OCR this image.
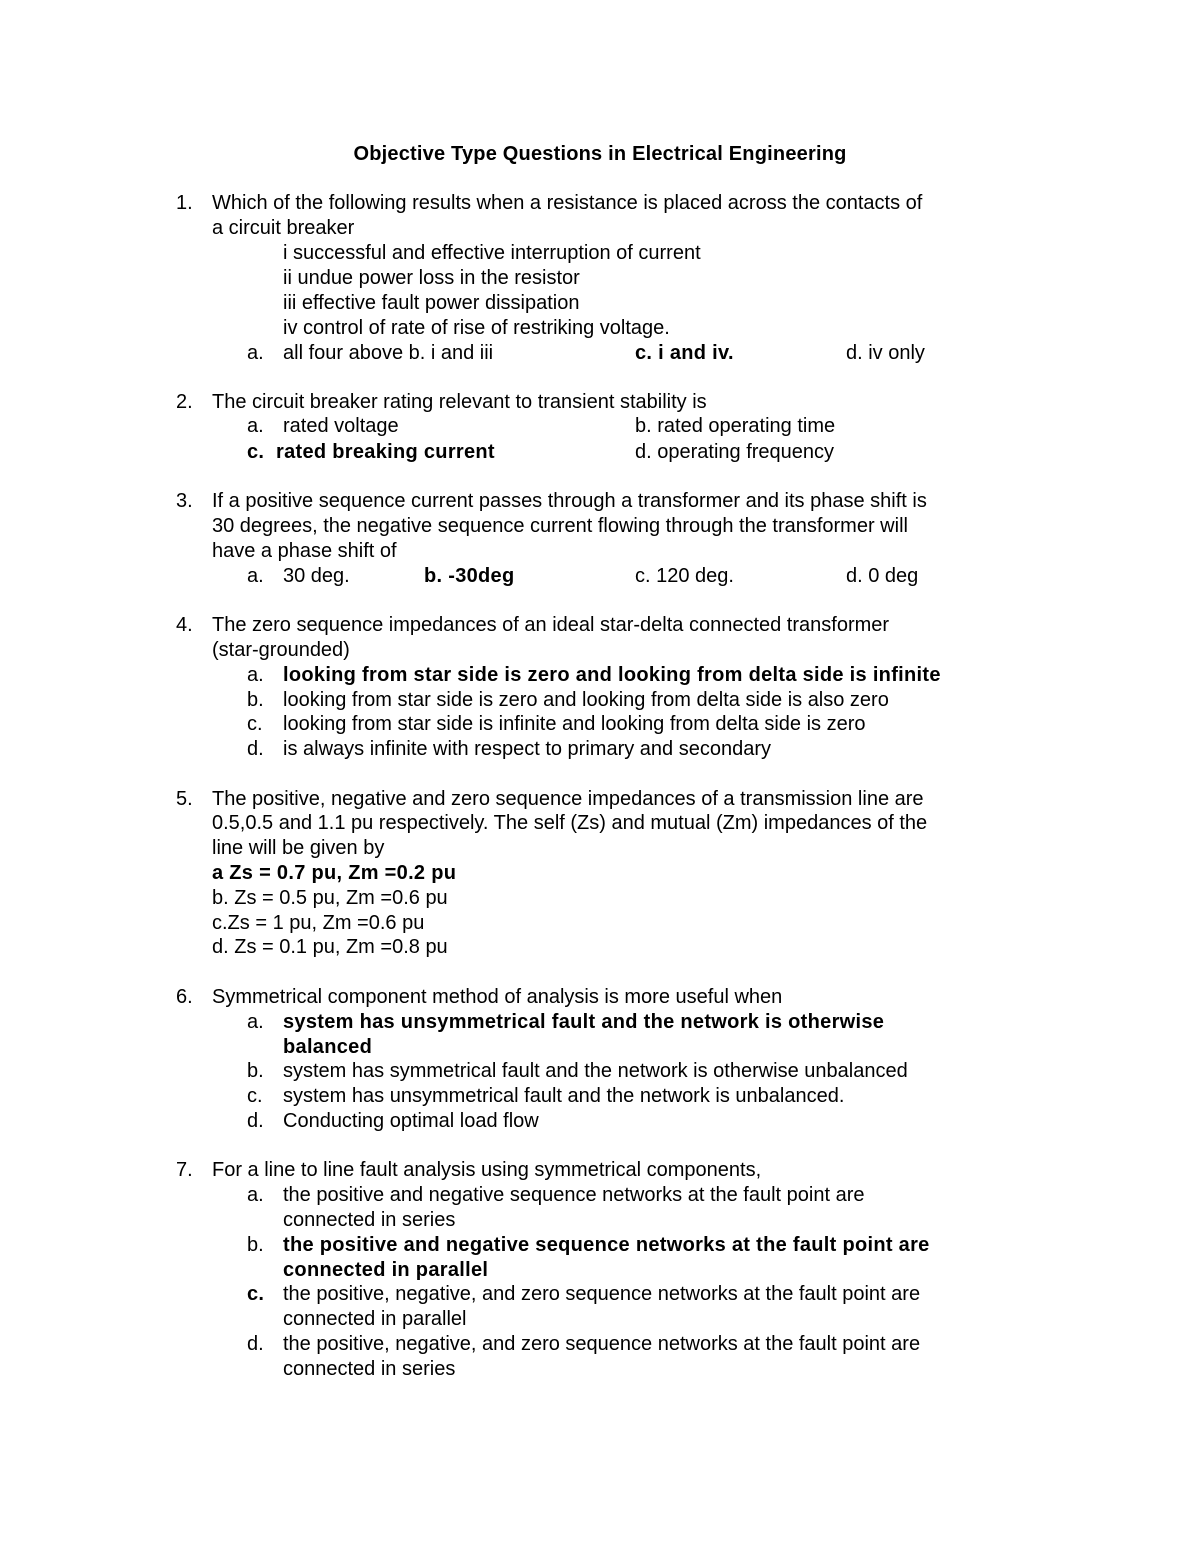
Objective Type Questions in Electrical Engineering
1. Which of the following results when a resistance is placed across the contacts of
a circuit breaker
i successful and effective interruption of current
ii undue power loss in the resistor
iii effective fault power dissipation
iv control of rate of rise of restriking voltage.
a. all four above b. i and iii	c. i and iv.	d. iv only
2. The circuit breaker rating relevant to transient stability is
a. rated voltage	b. rated operating time
c. rated breaking current	d. operating frequency
3. If a positive sequence current passes through a transformer and its phase shift is
30 degrees, the negative sequence current flowing through the transformer will
have a phase shift of
a. 30 deg.	b. -30deg	c. 120 deg.	d. 0 deg
4. The zero sequence impedances of an ideal star-delta connected transformer
(star-grounded)
a. looking from star side is zero and looking from delta side is infinite
b. looking from star side is zero and looking from delta side is also zero
c. looking from star side is infinite and looking from delta side is zero
d. is always infinite with respect to primary and secondary
5. The positive, negative and zero sequence impedances of a transmission line are
0.5,0.5 and 1.1 pu respectively. The self (Zs) and mutual (Zm) impedances of the
line will be given by
a Zs = 0.7 pu, Zm =0.2 pu
b. Zs = 0.5 pu, Zm =0.6 pu
c.Zs = 1 pu, Zm =0.6 pu
d. Zs = 0.1 pu, Zm =0.8 pu
6. Symmetrical component method of analysis is more useful when
a. system has unsymmetrical fault and the network is otherwise
balanced
b. system has symmetrical fault and the network is otherwise unbalanced
c. system has unsymmetrical fault and the network is unbalanced.
d. Conducting optimal load flow
7. For a line to line fault analysis using symmetrical components,
a. the positive and negative sequence networks at the fault point are
connected in series
b. the positive and negative sequence networks at the fault point are
connected in parallel
c. the positive, negative, and zero sequence networks at the fault point are
connected in parallel
d. the positive, negative, and zero sequence networks at the fault point are
connected in series
